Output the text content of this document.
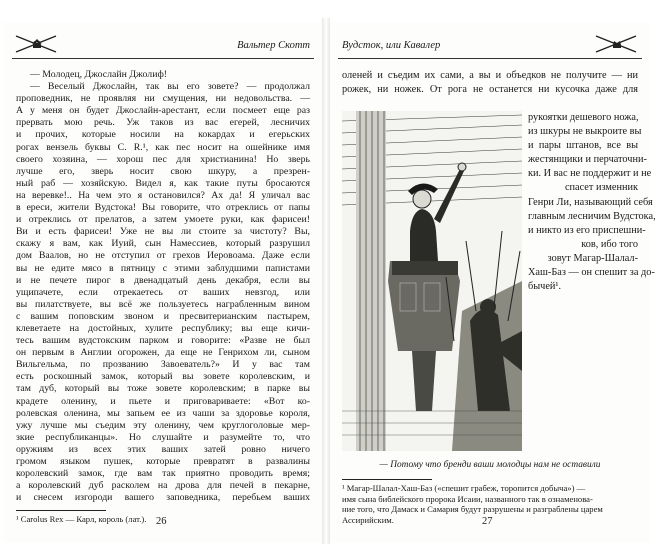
Вальтер Скотт
— Молодец, Джослайн Джолиф!
— Веселый Джослайн, так вы его зовете? — продолжал
проповедник, не проявляя ни смущения, ни недовольства. —
А у меня он будет Джослайн-арестант, если посмеет еще раз
прервать мою речь. Уж таков из вас егерей, лесничих
и прочих, которые носили на кокардах и егерьских
рогах вензель буквы C. R.¹, как пес носит на ошейнике имя
своего хозяина, — хорош пес для христианина! Но зверь
лучше его, зверь носит свою шкуру, а презрен-
ный раб — хозяйскую. Видел я, как такие путы бросаются
на веревке!.. На чем это я остановился? Ах да! Я уличал вас
в ереси, жители Вудстока! Вы говорите, что отреклись от папы
и отреклись от прелатов, а затем умоете руки, как фарисеи!
Ви и есть фарисеи! Уже не вы ли стоите за чистоту? Вы,
скажу я вам, как Иуий, сын Намессиев, который разрушил
дом Ваалов, но не отступил от грехов Иеровоама. Даже если
вы не едите мясо в пятницу с этими заблудшими папистами
и не печете пирог в двенадцатый день декабря, если вы
ущипачете, если отрекаетесь от ваших невзгод, или
вы пилатствуете, вы всё же пользуетесь награбленным вином
с вашим поповским звоном и пресвитерианским пастырем,
клеветаете на достойных, хулите республику; вы еще кичи-
тесь вашим вудстокским парком и говорите: «Разве не был
он первым в Англии огорожен, да еще не Генрихом ли, сыном
Вильгельма, по прозванию Завоеватель?» И у вас там
есть роскошный замок, который вы зовете королевским, и
там дуб, который вы тоже зовете королевским; в парке вы
крадете оленину, и пьете и приговариваете: «Вот ко-
ролевская оленина, мы запьем ее из чаши за здоровье короля,
ужу лучше мы съедим эту оленину, чем круглоголовые мер-
зкие республиканцы». Но слушайте и разумейте то, что
оружиям из всех этих ваших затей ровно ничего
громом языком пушек, которые превратят в развалины
королевский замок, где вам так приятно проводить время;
а королевский дуб расколем на дрова для печей в пекарне,
и снесем изгороди вашего заповедника, перебьем ваших
¹ Carolus Rex — Карл, король (лат.). 26
Вудсток, или Кавалер
оленей и съедим их сами, а вы и объедков не получите — ни
рожек, ни ножек. От рога не останется ни кусочка даже для
рукоятки дешевого ножа,
из шкуры не выкроите вы
и пары штанов, все вы
жестянщики и перчаточни-
ки. И вас не поддержит и не
спасет изменник
Генри Ли, называющий себя
главным лесничим Вудстока,
и никто из его приспешни-
ков, ибо того
зовут Магар-Шалал-
Хаш-Баз — он спешит за до-
бычей¹.
— Потому что бренди ваши молодцы нам не оставили
¹ Магар-Шалал-Хаш-Баз («спешит грабеж, торопится добыча») —
имя сына библейского пророка Исаии, названного так в ознаменова-
ние того, что Дамаск и Самария будут разрушены и разграблены царем
Ассирийским.	27
